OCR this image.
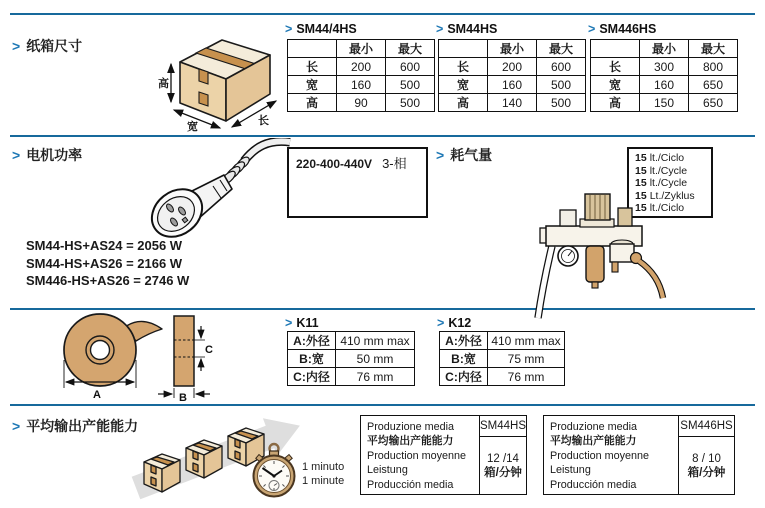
> 纸箱尺寸
高
宽	长
> SM44/4HS
	最小	最大
长	200	600
宽	160	500
高	90	500
> SM44HS
	最小	最大
长	200	600
宽	160	500
高	140	500
> SM446HS
	最小	最大
长	300	800
宽	160	650
高	150	650
> 电机功率
220-400-440V 3-相
SM44-HS+AS24 = 2056 W
SM44-HS+AS26 = 2166 W
SM446-HS+AS26 = 2746 W
> 耗气量	15 lt./Ciclo
15 lt./Cycle
15 lt./Cycle
15 Lt./Zyklus
15 lt./Ciclo
A
C
B
> K11
A:外径	410 mm max
B:宽	50 mm
C:内径	76 mm
> K12
A:外径	410 mm max
B:宽	75 mm
C:内径	76 mm
> 平均输出产能能力
1 minuto
1 minute
Produzione media
平均输出产能能力
Production moyenne
Leistung
Producción media
SM44HS
12 /14
箱/分钟
Produzione media
平均输出产能能力
Production moyenne
Leistung
Producción media
SM446HS
8 / 10
箱/分钟
